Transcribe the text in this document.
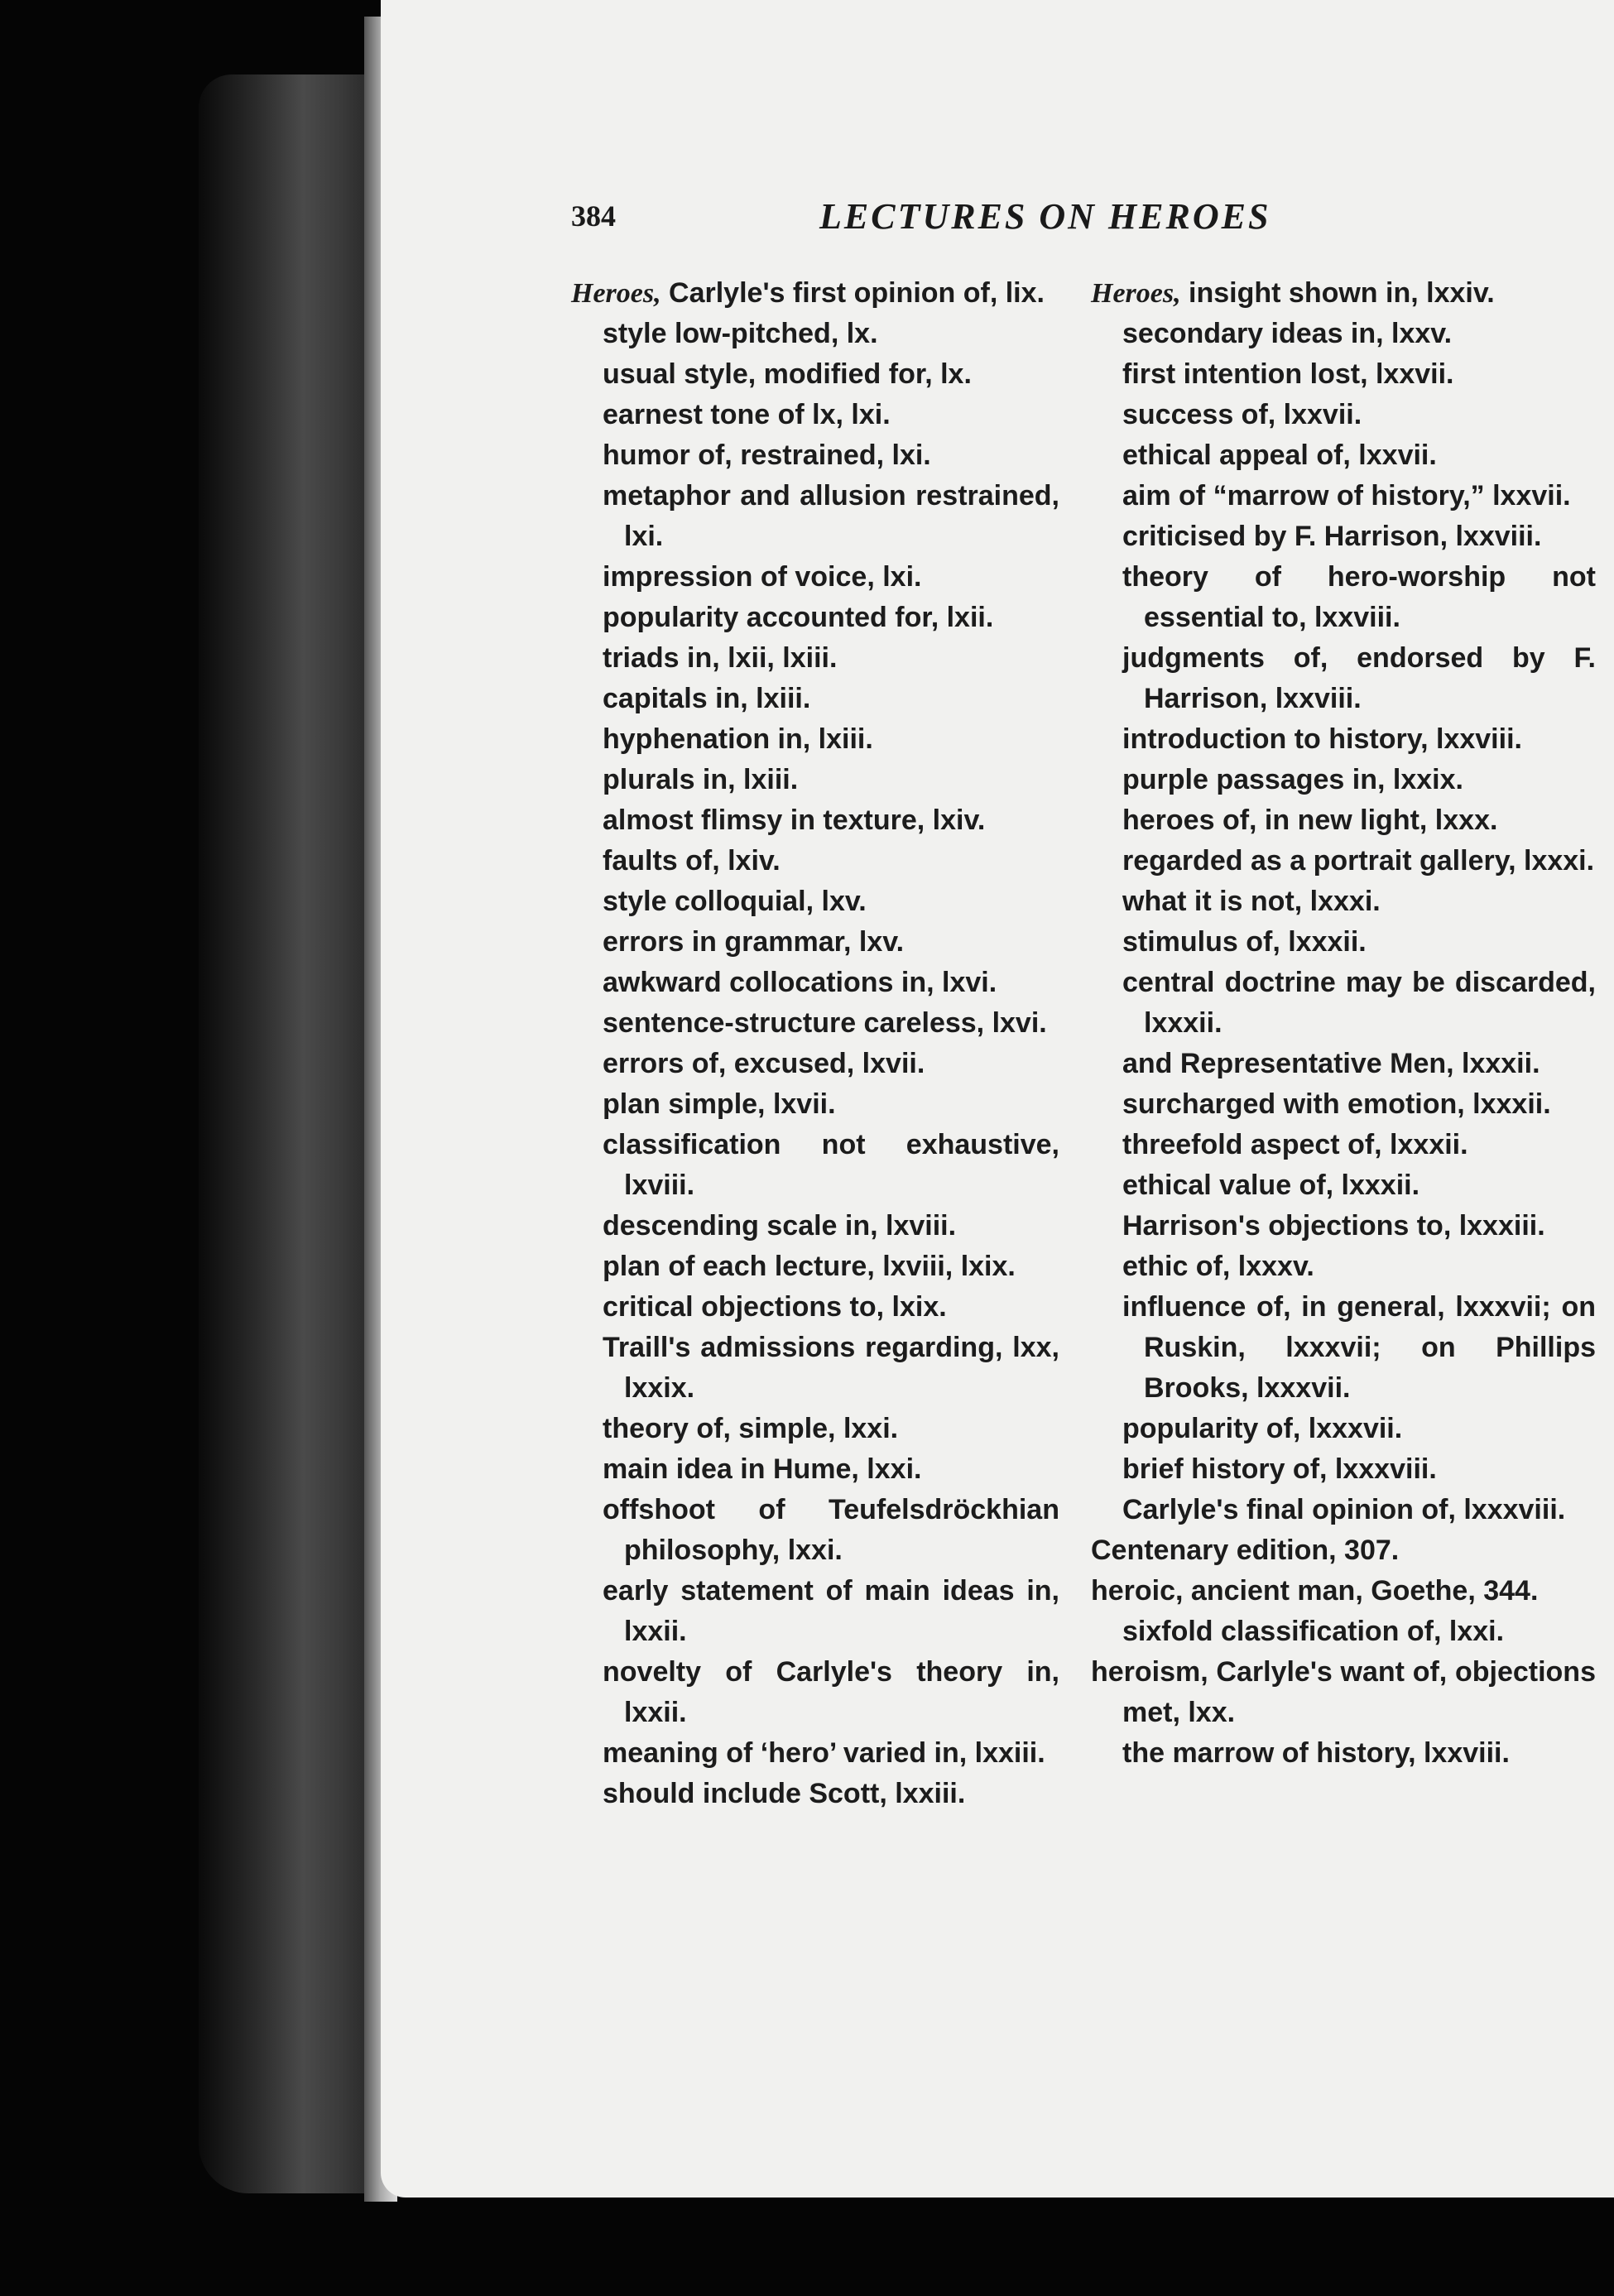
384	LECTURES ON HEROES

Heroes, Carlyle's first opinion of, lix.

style low-pitched, lx.

usual style, modified for, lx.

earnest tone of lx, lxi.

humor of, restrained, lxi.

metaphor and allusion restrained, lxi.

impression of voice, lxi.

popularity accounted for, lxii.

triads in, lxii, lxiii.

capitals in, lxiii.

hyphenation in, lxiii.

plurals in, lxiii.

almost flimsy in texture, lxiv.

faults of, lxiv.

style colloquial, lxv.

errors in grammar, lxv.

awkward collocations in, lxvi.

sentence-structure careless, lxvi.

errors of, excused, lxvii.

plan simple, lxvii.

classification not exhaustive, lxviii.

descending scale in, lxviii.

plan of each lecture, lxviii, lxix.

critical objections to, lxix.

Traill's admissions regarding, lxx, lxxix.

theory of, simple, lxxi.

main idea in Hume, lxxi.

offshoot of Teufelsdröckhian philosophy, lxxi.

early statement of main ideas in, lxxii.

novelty of Carlyle's theory in, lxxii.

meaning of ‘hero’ varied in, lxxiii.

should include Scott, lxxiii.

Heroes, insight shown in, lxxiv.

secondary ideas in, lxxv.

first intention lost, lxxvii.

success of, lxxvii.

ethical appeal of, lxxvii.

aim of “marrow of history,” lxxvii.

criticised by F. Harrison, lxxviii.

theory of hero-worship not essential to, lxxviii.

judgments of, endorsed by F. Harrison, lxxviii.

introduction to history, lxxviii.

purple passages in, lxxix.

heroes of, in new light, lxxx.

regarded as a portrait gallery, lxxxi.

what it is not, lxxxi.

stimulus of, lxxxii.

central doctrine may be discarded, lxxxii.

and Representative Men, lxxxii.

surcharged with emotion, lxxxii.

threefold aspect of, lxxxii.

ethical value of, lxxxii.

Harrison's objections to, lxxxiii.

ethic of, lxxxv.

influence of, in general, lxxxvii; on Ruskin, lxxxvii; on Phillips Brooks, lxxxvii.

popularity of, lxxxvii.

brief history of, lxxxviii.

Carlyle's final opinion of, lxxxviii.

Centenary edition, 307.

heroic, ancient man, Goethe, 344.

sixfold classification of, lxxi.

heroism, Carlyle's want of, objections met, lxx.

the marrow of history, lxxviii.
